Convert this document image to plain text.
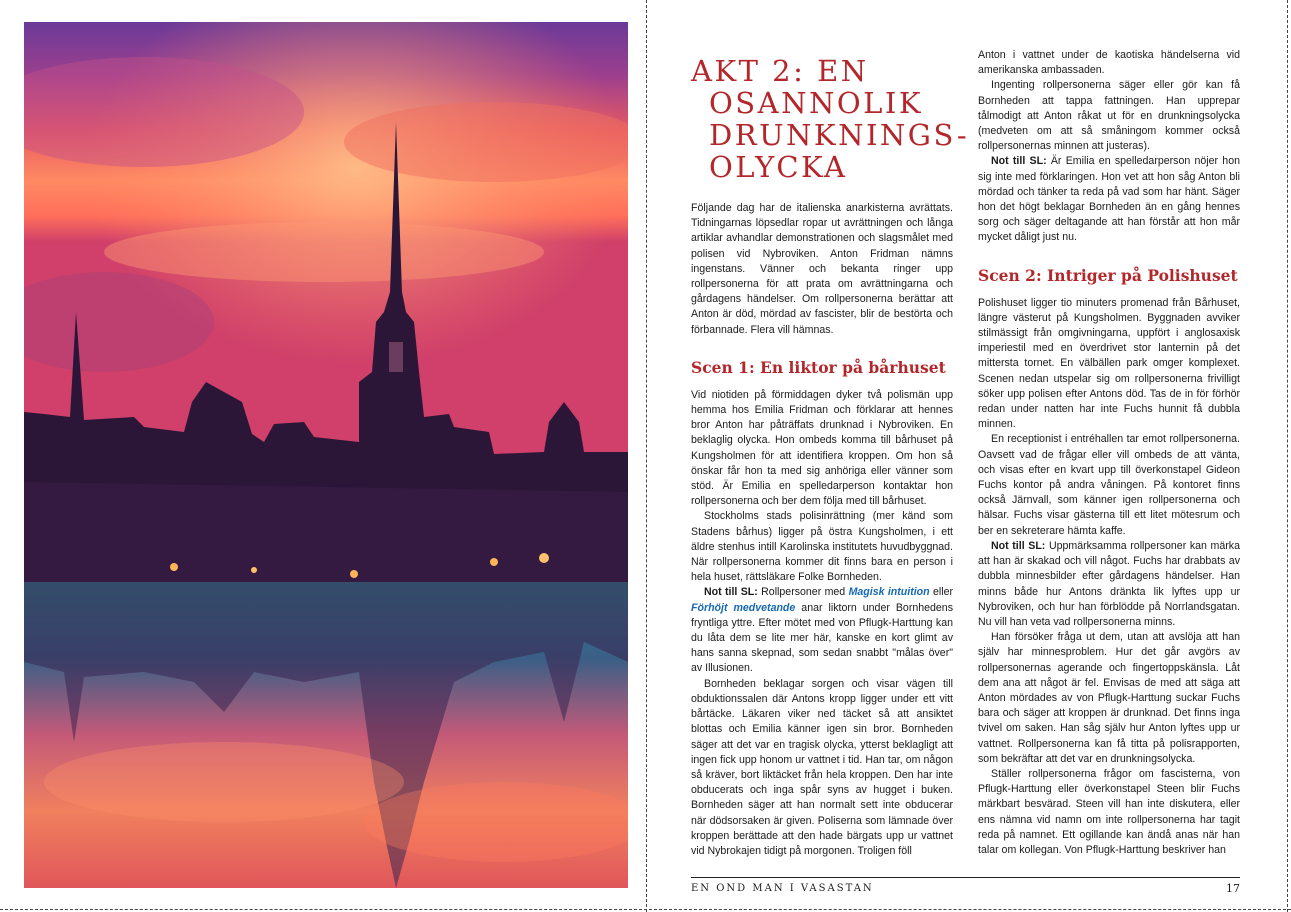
AKT 2: EN
OSANNOLIK
DRUNKNINGS-
OLYCKA

Följande dag har de italienska anarkisterna avrättats. Tidningarnas löpsedlar ropar ut avrättningen och långa artiklar avhandlar demonstrationen och slagsmålet med polisen vid Nybroviken. Anton Fridman nämns ingenstans. Vänner och bekanta ringer upp rollpersonerna för att prata om avrättningarna och gårdagens händelser. Om rollpersonerna berättar att Anton är död, mördad av fascister, blir de bestörta och förbannade. Flera vill hämnas.

Scen 1: En liktor på bårhuset

Vid niotiden på förmiddagen dyker två polismän upp hemma hos Emilia Fridman och förklarar att hennes bror Anton har påträffats drunknad i Nybroviken. En beklaglig olycka. Hon ombeds komma till bårhuset på Kungsholmen för att identifiera kroppen. Om hon så önskar får hon ta med sig anhöriga eller vänner som stöd. Är Emilia en spelledarperson kontaktar hon rollpersonerna och ber dem följa med till bårhuset.

Stockholms stads polisinrättning (mer känd som Stadens bårhus) ligger på östra Kungsholmen, i ett äldre stenhus intill Karolinska institutets huvudbyggnad. När rollpersonerna kommer dit finns bara en person i hela huset, rättsläkare Folke Bornheden.

Not till SL: Rollpersoner med Magisk intuition eller Förhöjt medvetande anar liktorn under Bornhedens fryntliga yttre. Efter mötet med von Pflugk-Harttung kan du låta dem se lite mer här, kanske en kort glimt av hans sanna skepnad, som sedan snabbt "målas över" av Illusionen.

Bornheden beklagar sorgen och visar vägen till obduktionssalen där Antons kropp ligger under ett vitt bårtäcke. Läkaren viker ned täcket så att ansiktet blottas och Emilia känner igen sin bror. Bornheden säger att det var en tragisk olycka, ytterst beklagligt att ingen fick upp honom ur vattnet i tid. Han tar, om någon så kräver, bort liktäcket från hela kroppen. Den har inte obducerats och inga spår syns av hugget i buken. Bornheden säger att han normalt sett inte obducerar när dödsorsaken är given. Poliserna som lämnade över kroppen berättade att den hade bärgats upp ur vattnet vid Nybrokajen tidigt på morgonen. Troligen föll

Anton i vattnet under de kaotiska händelserna vid amerikanska ambassaden.

Ingenting rollpersonerna säger eller gör kan få Bornheden att tappa fattningen. Han upprepar tålmodigt att Anton råkat ut för en drunkningsolycka (medveten om att så småningom kommer också rollpersonernas minnen att justeras).

Not till SL: Är Emilia en spelledarperson nöjer hon sig inte med förklaringen. Hon vet att hon såg Anton bli mördad och tänker ta reda på vad som har hänt. Säger hon det högt beklagar Bornheden än en gång hennes sorg och säger deltagande att han förstår att hon mår mycket dåligt just nu.

Scen 2: Intriger på Polishuset

Polishuset ligger tio minuters promenad från Bårhuset, längre västerut på Kungsholmen. Byggnaden avviker stilmässigt från omgivningarna, uppfört i anglosaxisk imperiestil med en överdrivet stor lanternin på det mittersta tornet. En välbällen park omger komplexet. Scenen nedan utspelar sig om rollpersonerna frivilligt söker upp polisen efter Antons död. Tas de in för förhör redan under natten har inte Fuchs hunnit få dubbla minnen.

En receptionist i entréhallen tar emot rollpersonerna. Oavsett vad de frågar eller vill ombeds de att vänta, och visas efter en kvart upp till överkonstapel Gideon Fuchs kontor på andra våningen. På kontoret finns också Järnvall, som känner igen rollpersonerna och hälsar. Fuchs visar gästerna till ett litet mötesrum och ber en sekreterare hämta kaffe.

Not till SL: Uppmärksamma rollpersoner kan märka att han är skakad och vill något. Fuchs har drabbats av dubbla minnesbilder efter gårdagens händelser. Han minns både hur Antons dränkta lik lyftes upp ur Nybroviken, och hur han förblödde på Norrlandsgatan. Nu vill han veta vad rollpersonerna minns.

Han försöker fråga ut dem, utan att avslöja att han själv har minnesproblem. Hur det går avgörs av rollpersonernas agerande och fingertoppskänsla. Låt dem ana att något är fel. Envisas de med att säga att Anton mördades av von Pflugk-Harttung suckar Fuchs bara och säger att kroppen är drunknad. Det finns inga tvivel om saken. Han såg själv hur Anton lyftes upp ur vattnet. Rollpersonerna kan få titta på polisrapporten, som bekräftar att det var en drunkningsolycka.

Ställer rollpersonerna frågor om fascisterna, von Pflugk-Harttung eller överkonstapel Steen blir Fuchs märkbart besvärad. Steen vill han inte diskutera, eller ens nämna vid namn om inte rollpersonerna har tagit reda på namnet. Ett ogillande kan ändå anas när han talar om kollegan. Von Pflugk-Harttung beskriver han

EN OND MAN I VASASTAN	17
